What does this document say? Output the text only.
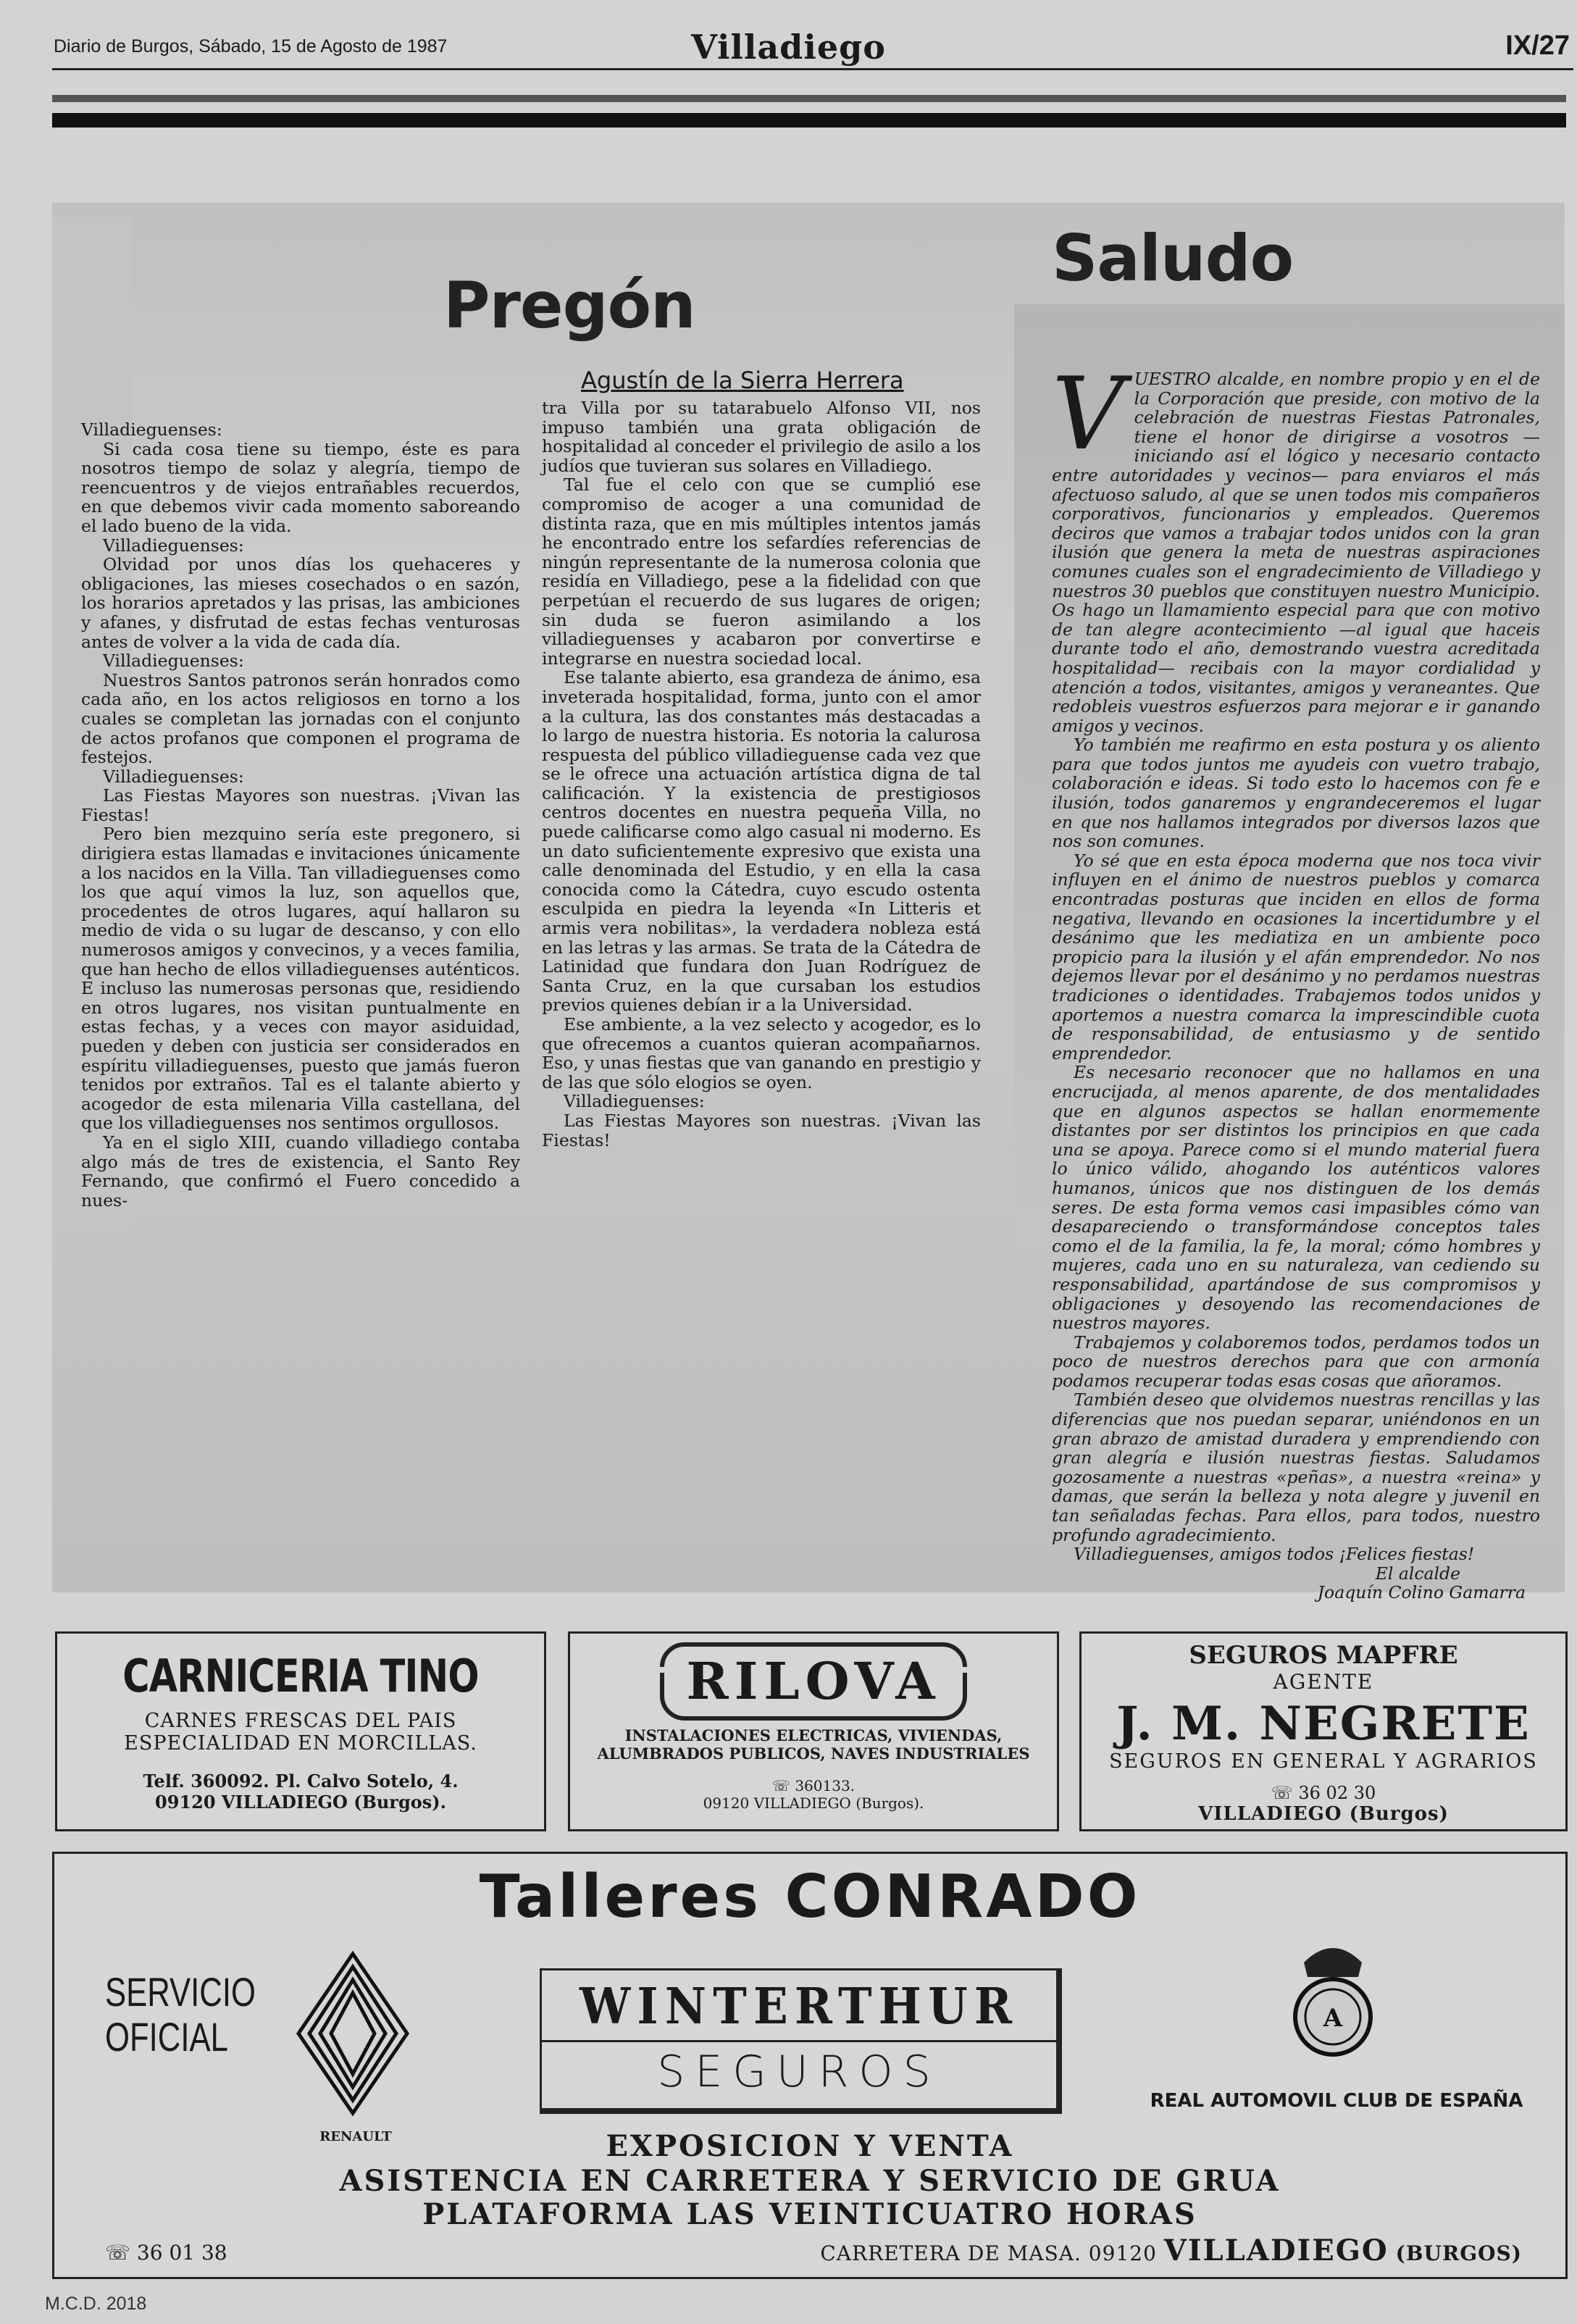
Diario de Burgos, Sábado, 15 de Agosto de 1987	Villadiego	IX/27
Pregón
Saludo
Agustín de la Sierra Herrera

Villadieguenses:

Si cada cosa tiene su tiempo, éste es para nosotros tiempo de solaz y alegría, tiempo de reencuentros y de viejos entrañables recuerdos, en que debemos vivir cada momento saboreando el lado bueno de la vida.

Villadieguenses:

Olvidad por unos días los quehaceres y obligaciones, las mieses cosechados o en sazón, los horarios apretados y las prisas, las ambiciones y afanes, y disfrutad de estas fechas venturosas antes de volver a la vida de cada día.

Villadieguenses:

Nuestros Santos patronos serán honrados como cada año, en los actos religiosos en torno a los cuales se completan las jornadas con el conjunto de actos profanos que componen el programa de festejos.

Villadieguenses:

Las Fiestas Mayores son nuestras. ¡Vivan las Fiestas!

Pero bien mezquino sería este pregonero, si dirigiera estas llamadas e invitaciones únicamente a los nacidos en la Villa. Tan villadieguenses como los que aquí vimos la luz, son aquellos que, procedentes de otros lugares, aquí hallaron su medio de vida o su lugar de descanso, y con ello numerosos amigos y convecinos, y a veces familia, que han hecho de ellos villadieguenses auténticos. E incluso las numerosas personas que, residiendo en otros lugares, nos visitan puntualmente en estas fechas, y a veces con mayor asiduidad, pueden y deben con justicia ser considerados en espíritu villadieguenses, puesto que jamás fueron tenidos por extraños. Tal es el talante abierto y acogedor de esta milenaria Villa castellana, del que los villadieguenses nos sentimos orgullosos.

Ya en el siglo XIII, cuando villadiego contaba algo más de tres de existencia, el Santo Rey Fernando, que confirmó el Fuero concedido a nues-

tra Villa por su tatarabuelo Alfonso VII, nos impuso también una grata obligación de hospitalidad al conceder el privilegio de asilo a los judíos que tuvieran sus solares en Villadiego.

Tal fue el celo con que se cumplió ese compromiso de acoger a una comunidad de distinta raza, que en mis múltiples intentos jamás he encontrado entre los sefardíes referencias de ningún representante de la numerosa colonia que residía en Villadiego, pese a la fidelidad con que perpetúan el recuerdo de sus lugares de origen; sin duda se fueron asimilando a los villadieguenses y acabaron por convertirse e integrarse en nuestra sociedad local.

Ese talante abierto, esa grandeza de ánimo, esa inveterada hospitalidad, forma, junto con el amor a la cultura, las dos constantes más destacadas a lo largo de nuestra historia. Es notoria la calurosa respuesta del público villadieguense cada vez que se le ofrece una actuación artística digna de tal calificación. Y la existencia de prestigiosos centros docentes en nuestra pequeña Villa, no puede calificarse como algo casual ni moderno. Es un dato suficientemente expresivo que exista una calle denominada del Estudio, y en ella la casa conocida como la Cátedra, cuyo escudo ostenta esculpida en piedra la leyenda «In Litteris et armis vera nobilitas», la verdadera nobleza está en las letras y las armas. Se trata de la Cátedra de Latinidad que fundara don Juan Rodríguez de Santa Cruz, en la que cursaban los estudios previos quienes debían ir a la Universidad.

Ese ambiente, a la vez selecto y acogedor, es lo que ofrecemos a cuantos quieran acompañarnos. Eso, y unas fiestas que van ganando en prestigio y de las que sólo elogios se oyen.

Villadieguenses:

Las Fiestas Mayores son nuestras. ¡Vivan las Fiestas!

VUESTRO alcalde, en nombre propio y en el de la Corporación que preside, con motivo de la celebración de nuestras Fiestas Patronales, tiene el honor de dirigirse a vosotros —iniciando así el lógico y necesario contacto entre autoridades y vecinos— para enviaros el más afectuoso saludo, al que se unen todos mis compañeros corporativos, funcionarios y empleados. Queremos deciros que vamos a trabajar todos unidos con la gran ilusión que genera la meta de nuestras aspiraciones comunes cuales son el engradecimiento de Villadiego y nuestros 30 pueblos que constituyen nuestro Municipio. Os hago un llamamiento especial para que con motivo de tan alegre acontecimiento —al igual que haceis durante todo el año, demostrando vuestra acreditada hospitalidad— recibais con la mayor cordialidad y atención a todos, visitantes, amigos y veraneantes. Que redobleis vuestros esfuerzos para mejorar e ir ganando amigos y vecinos.

Yo también me reafirmo en esta postura y os aliento para que todos juntos me ayudeis con vuetro trabajo, colaboración e ideas. Si todo esto lo hacemos con fe e ilusión, todos ganaremos y engrandeceremos el lugar en que nos hallamos integrados por diversos lazos que nos son comunes.

Yo sé que en esta época moderna que nos toca vivir influyen en el ánimo de nuestros pueblos y comarca encontradas posturas que inciden en ellos de forma negativa, llevando en ocasiones la incertidumbre y el desánimo que les mediatiza en un ambiente poco propicio para la ilusión y el afán emprendedor. No nos dejemos llevar por el desánimo y no perdamos nuestras tradiciones o identidades. Trabajemos todos unidos y aportemos a nuestra comarca la imprescindible cuota de responsabilidad, de entusiasmo y de sentido emprendedor.

Es necesario reconocer que no hallamos en una encrucijada, al menos aparente, de dos mentalidades que en algunos aspectos se hallan enormemente distantes por ser distintos los principios en que cada una se apoya. Parece como si el mundo material fuera lo único válido, ahogando los auténticos valores humanos, únicos que nos distinguen de los demás seres. De esta forma vemos casi impasibles cómo van desapareciendo o transformándose conceptos tales como el de la familia, la fe, la moral; cómo hombres y mujeres, cada uno en su naturaleza, van cediendo su responsabilidad, apartándose de sus compromisos y obligaciones y desoyendo las recomendaciones de nuestros mayores.

Trabajemos y colaboremos todos, perdamos todos un poco de nuestros derechos para que con armonía podamos recuperar todas esas cosas que añoramos.

También deseo que olvidemos nuestras rencillas y las diferencias que nos puedan separar, uniéndonos en un gran abrazo de amistad duradera y emprendiendo con gran alegría e ilusión nuestras fiestas. Saludamos gozosamente a nuestras «peñas», a nuestra «reina» y damas, que serán la belleza y nota alegre y juvenil en tan señaladas fechas. Para ellos, para todos, nuestro profundo agradecimiento.

Villadieguenses, amigos todos ¡Felices fiestas!

El alcalde

Joaquín Colino Gamarra

CARNICERIA TINO
CARNES FRESCAS DEL PAIS
ESPECIALIDAD EN MORCILLAS.
Telf. 360092. Pl. Calvo Sotelo, 4.
09120 VILLADIEGO (Burgos).
RILOVA
INSTALACIONES ELECTRICAS, VIVIENDAS,
ALUMBRADOS PUBLICOS, NAVES INDUSTRIALES
☏ 360133.
09120 VILLADIEGO (Burgos).
SEGUROS MAPFRE
AGENTE
J. M. NEGRETE
SEGUROS EN GENERAL Y AGRARIOS
☏ 36 02 30
VILLADIEGO (Burgos)
Talleres CONRADO
SERVICIO
OFICIAL
RENAULT
WINTERTHUR
SEGUROS
A
REAL AUTOMOVIL CLUB DE ESPAÑA
EXPOSICION Y VENTA
ASISTENCIA EN CARRETERA Y SERVICIO DE GRUA
PLATAFORMA LAS VEINTICUATRO HORAS
☏ 36 01 38	CARRETERA DE MASA. 09120 VILLADIEGO (BURGOS)
M.C.D. 2018
